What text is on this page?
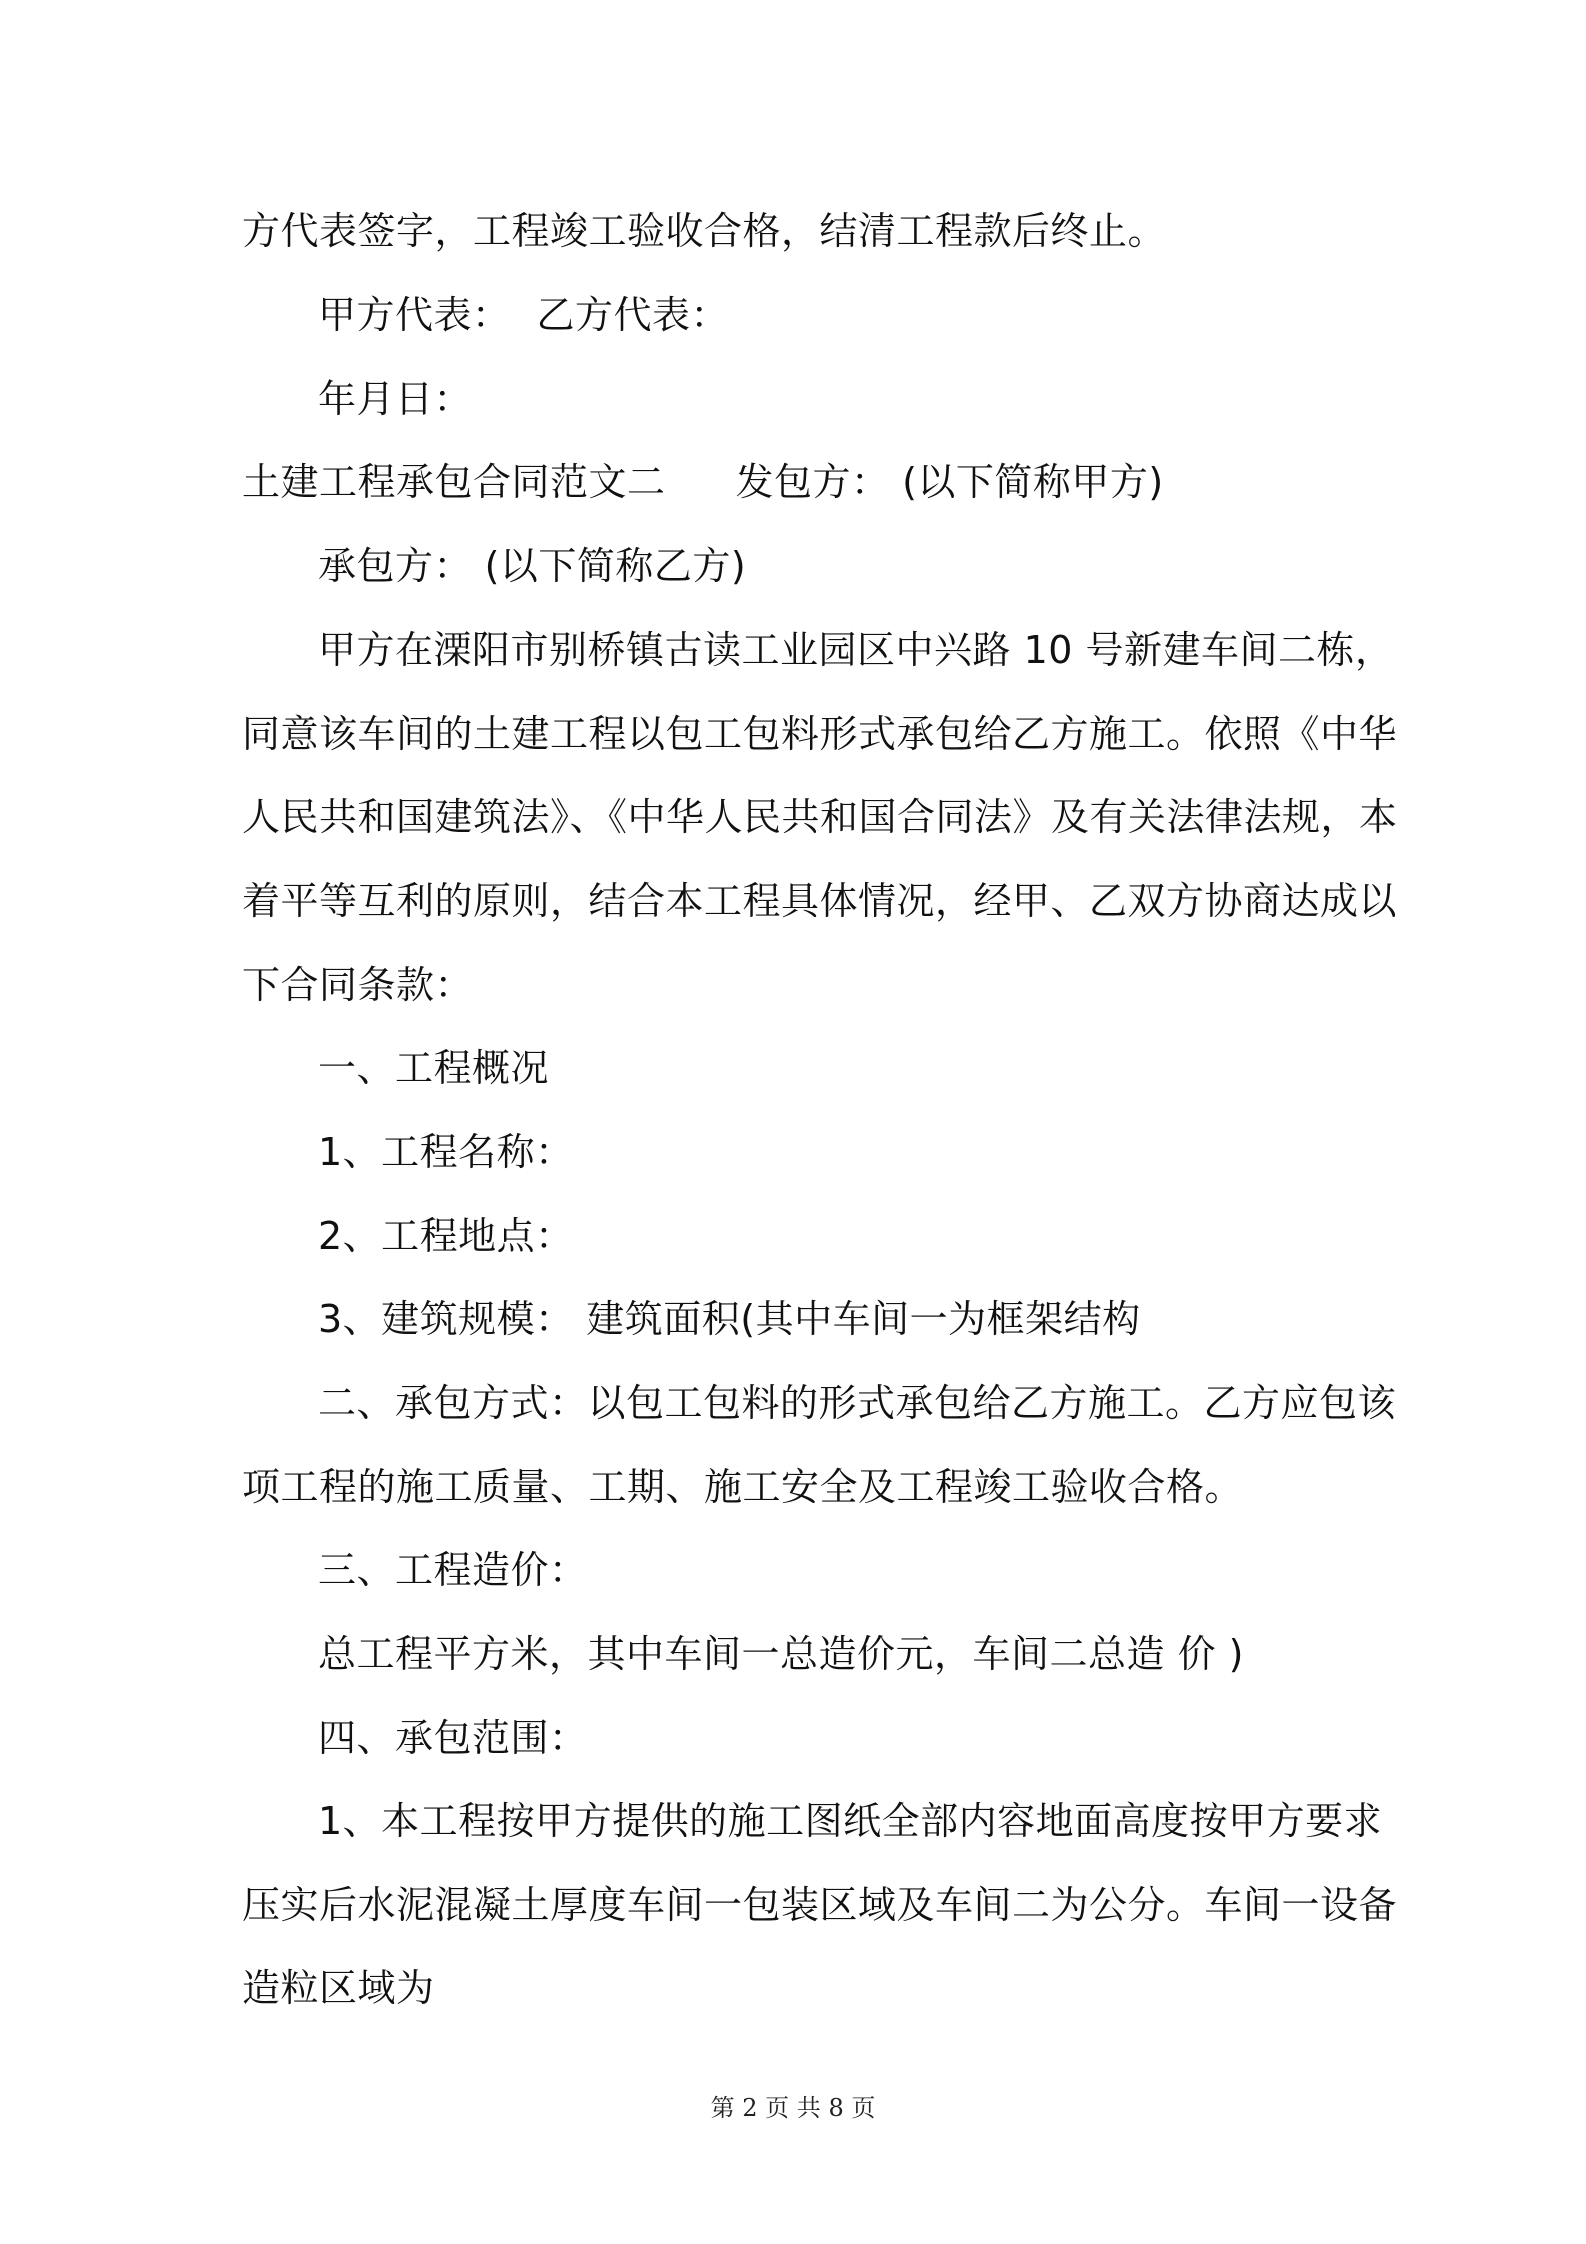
方代表签字，工程竣工验收合格，结清工程款后终止。
甲方代表： 乙方代表：
年月日：
土建工程承包合同范文二 发包方： (以下简称甲方)
承包方： (以下简称乙方)
甲方在溧阳市别桥镇古读工业园区中兴路 10 号新建车间二栋，
同意该车间的土建工程以包工包料形式承包给乙方施工。依照《中华
人民共和国建筑法》、《中华人民共和国合同法》及有关法律法规，本
着平等互利的原则，结合本工程具体情况，经甲、乙双方协商达成以
下合同条款：
一、工程概况
1、工程名称：
2、工程地点：
3、建筑规模： 建筑面积(其中车间一为框架结构
二、承包方式：以包工包料的形式承包给乙方施工。乙方应包该
项工程的施工质量、工期、施工安全及工程竣工验收合格。
三、工程造价：
总工程平方米，其中车间一总造价元，车间二总造 价 )
四、承包范围：
1、本工程按甲方提供的施工图纸全部内容地面高度按甲方要求
压实后水泥混凝土厚度车间一包装区域及车间二为公分。车间一设备
造粒区域为
第 2 页 共 8 页
